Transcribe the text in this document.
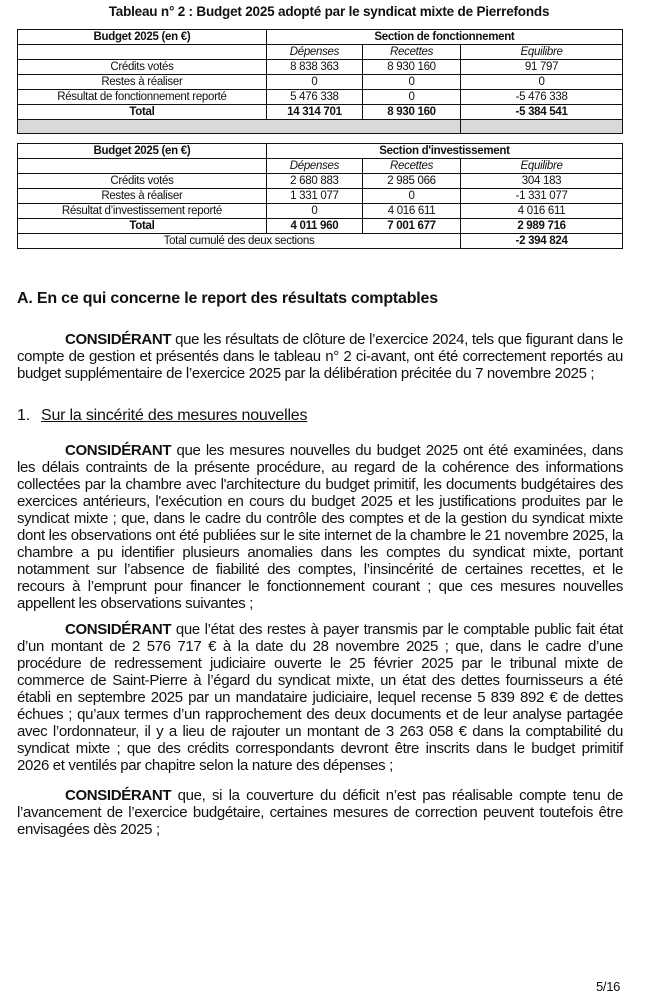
Tableau n° 2 : Budget 2025 adopté par le syndicat mixte de Pierrefonds
Budget 2025 (en €)	Section de fonctionnement		
	Dépenses	Recettes	Equilibre
Crédits votés	8 838 363	8 930 160	91 797
Restes à réaliser	0	0	0
Résultat de fonctionnement reporté	5 476 338	0	-5 476 338
Total	14 314 701	8 930 160	-5 384 541

Budget 2025 (en €)	Section d'investissement		
	Dépenses	Recettes	Equilibre
Crédits votés	2 680 883	2 985 066	304 183
Restes à réaliser	1 331 077	0	-1 331 077
Résultat d’investissement reporté	0	4 016 611	4 016 611
Total	4 011 960	7 001 677	2 989 716
Total cumulé des deux sections			-2 394 824
A. En ce qui concerne le report des résultats comptables
CONSIDÉRANT que les résultats de clôture de l’exercice 2024, tels que figurant dans le compte de gestion et présentés dans le tableau n° 2 ci-avant, ont été correctement reportés au budget supplémentaire de l’exercice 2025 par la délibération précitée du 7 novembre 2025 ;
1. Sur la sincérité des mesures nouvelles
CONSIDÉRANT que les mesures nouvelles du budget 2025 ont été examinées, dans les délais contraints de la présente procédure, au regard de la cohérence des informations collectées par la chambre avec l'architecture du budget primitif, les documents budgétaires des exercices antérieurs, l'exécution en cours du budget 2025 et les justifications produites par le syndicat mixte ; que, dans le cadre du contrôle des comptes et de la gestion du syndicat mixte dont les observations ont été publiées sur le site internet de la chambre le 21 novembre 2025, la chambre a pu identifier plusieurs anomalies dans les comptes du syndicat mixte, portant notamment sur l’absence de fiabilité des comptes, l’insincérité de certaines recettes, et le recours à l’emprunt pour financer le fonctionnement courant ; que ces mesures nouvelles appellent les observations suivantes ;
CONSIDÉRANT que l’état des restes à payer transmis par le comptable public fait état d’un montant de 2 576 717 € à la date du 28 novembre 2025 ; que, dans le cadre d’une procédure de redressement judiciaire ouverte le 25 février 2025 par le tribunal mixte de commerce de Saint-Pierre à l’égard du syndicat mixte, un état des dettes fournisseurs a été établi en septembre 2025 par un mandataire judiciaire, lequel recense 5 839 892 € de dettes échues ; qu’aux termes d’un rapprochement des deux documents et de leur analyse partagée avec l’ordonnateur, il y a lieu de rajouter un montant de 3 263 058 € dans la comptabilité du syndicat mixte ; que des crédits correspondants devront être inscrits dans le budget primitif 2026 et ventilés par chapitre selon la nature des dépenses ;
CONSIDÉRANT que, si la couverture du déficit n’est pas réalisable compte tenu de l’avancement de l’exercice budgétaire, certaines mesures de correction peuvent toutefois être envisagées dès 2025 ;
5/16
